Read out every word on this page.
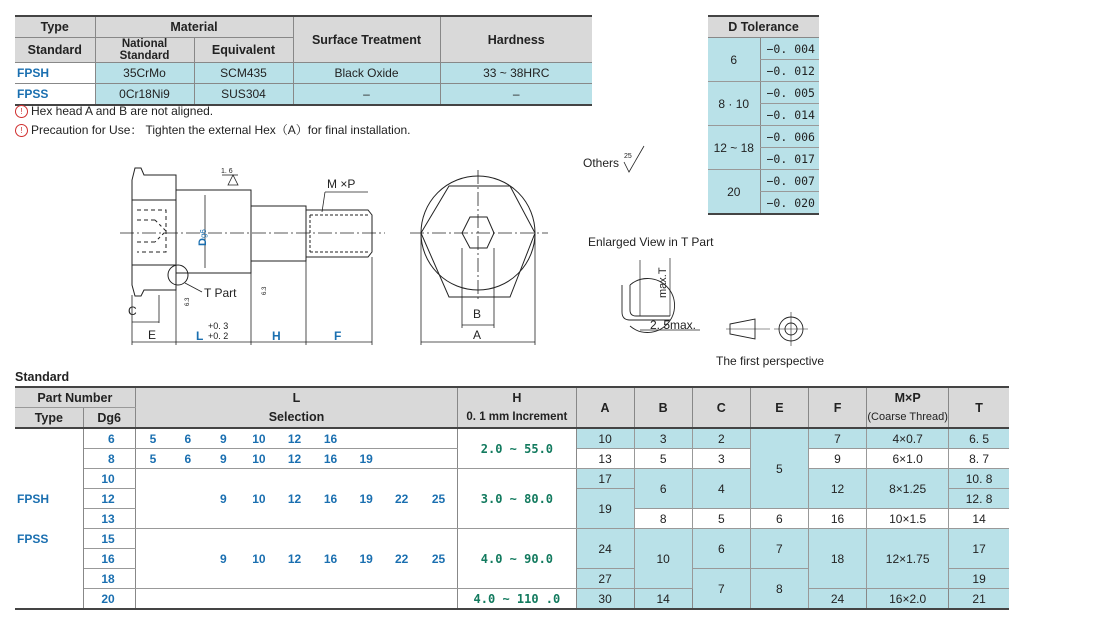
Type	Material		Surface Treatment	Hardness
Standard	National Standard	Equivalent		
FPSH	35CrMo	SCM435	Black Oxide	33 ~ 38HRC
FPSS	0Cr18Ni9	SUS304	–	–
! Hex head A and B are not aligned.
! Precaution for Use： Tighten the external Hex（A）for final installation.
D Tolerance	
6	−0. 004
	−0. 012
8 · 10	−0. 005
	−0. 014
12 ~ 18	−0. 006
	−0. 017
20	−0. 007
	−0. 020
C
E	L
+0. 3
+0. 2	H	F
M ×P
1. 6
T Part
Dg6
6.3
6.3
B
A
Others 25
Enlarged View in T Part
max.T
2. 5max.
The first perspective
Standard
Part Number		L									H	A	B	C	E	F	M×P	T
Type	Dg6	Selection									0. 1 mm Increment						(Coarse Thread)	

FPSH
FPSS	6	5	6	9	10	12	16				2.0 ~ 55.0	10	3	2	5	7	4×0.7	6. 5
	8	5	6	9	10	12	16	19				13	5	3		9	6×1.0	8. 7
	10			9	10	12	16	19	22	25	3.0 ~ 80.0	17	6	4		12	8×1.25	10. 8
	12											19						12. 8
	13												8	5	6	16	10×1.5	14
	15			9	10	12	16	19	22	25	4.0 ~ 90.0	24	10	6	7	18	12×1.75	17
	16																	
	18											27		7	8			19
	20										4.0 ~ 110 .0	30	14			24	16×2.0	21
